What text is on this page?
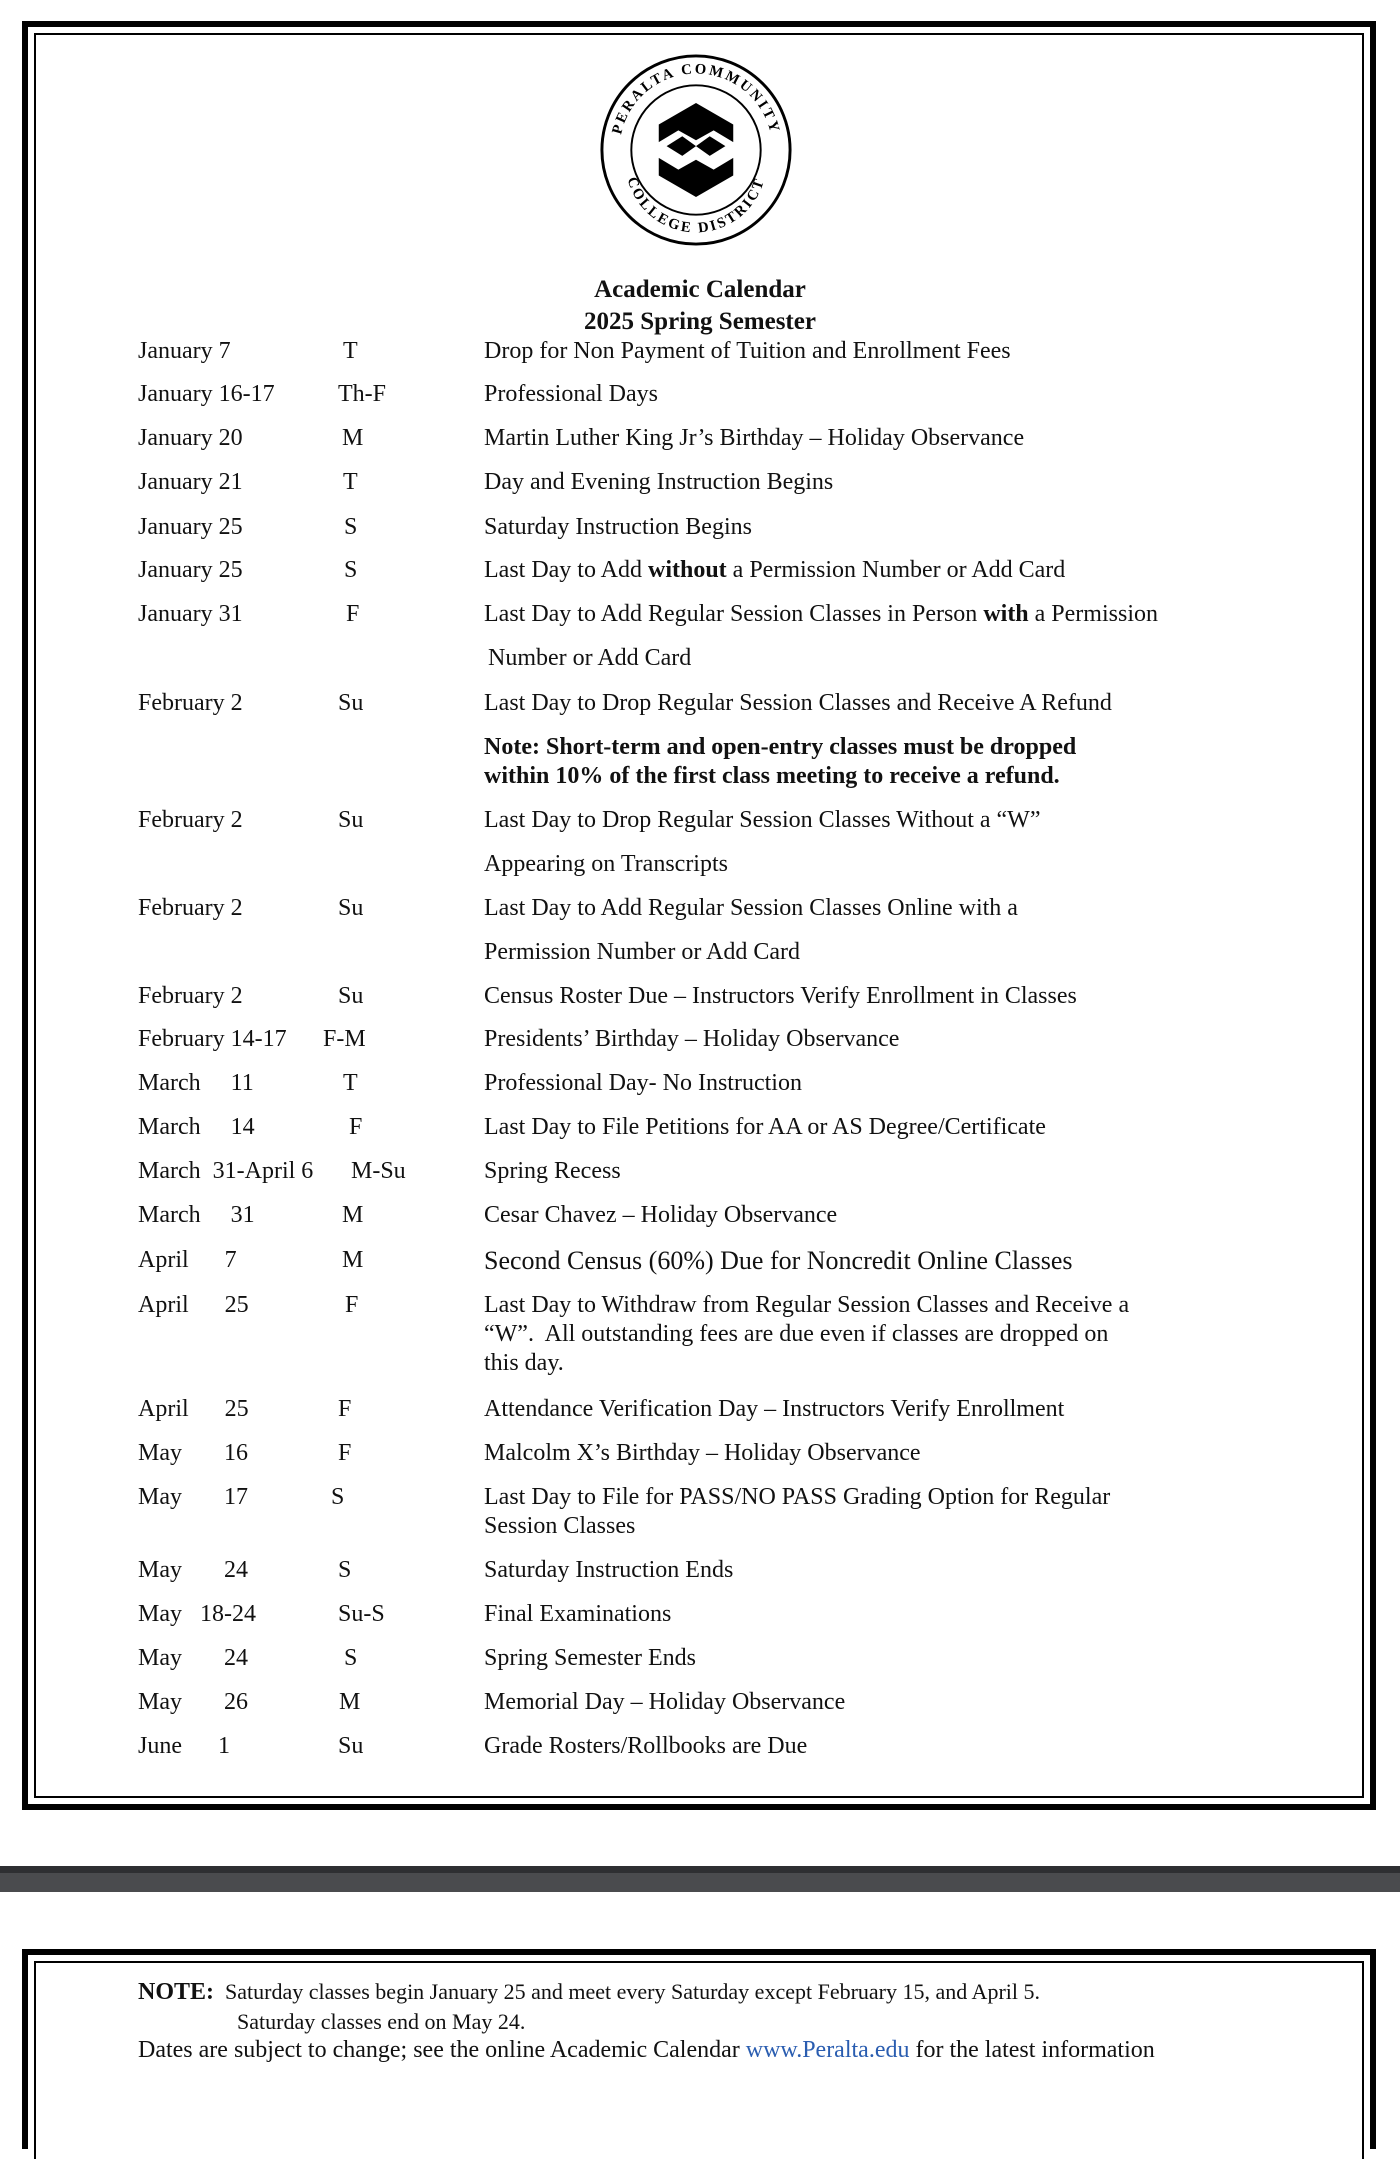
PERALTA COMMUNITY
COLLEGE DISTRICT
Academic Calendar
2025 Spring Semester
January 7	T	Drop for Non Payment of Tuition and Enrollment Fees
January 16-17	Th-F	Professional Days
January 20	M	Martin Luther King Jr’s Birthday – Holiday Observance
January 21	T	Day and Evening Instruction Begins
January 25	S	Saturday Instruction Begins
January 25	S	Last Day to Add without a Permission Number or Add Card
January 31	F	Last Day to Add Regular Session Classes in Person with a Permission
Number or Add Card
February 2	Su	Last Day to Drop Regular Session Classes and Receive A Refund
Note: Short-term and open-entry classes must be dropped
within 10% of the first class meeting to receive a refund.
February 2	Su	Last Day to Drop Regular Session Classes Without a “W”
Appearing on Transcripts
February 2	Su	Last Day to Add Regular Session Classes Online with a
Permission Number or Add Card
February 2	Su	Census Roster Due – Instructors Verify Enrollment in Classes
February 14-17 F-M	Presidents’ Birthday – Holiday Observance
March     11	T	Professional Day- No Instruction
March     14	F	Last Day to File Petitions for AA or AS Degree/Certificate
March  31-April 6 M-Su	Spring Recess
March     31	M	Cesar Chavez – Holiday Observance
April      7	M	Second Census (60%) Due for Noncredit Online Classes
April      25	F	Last Day to Withdraw from Regular Session Classes and Receive a
“W”.  All outstanding fees are due even if classes are dropped on
this day.
April      25	F	Attendance Verification Day – Instructors Verify Enrollment
May       16	F	Malcolm X’s Birthday – Holiday Observance
May       17	S	Last Day to File for PASS/NO PASS Grading Option for Regular
Session Classes
May       24	S	Saturday Instruction Ends
May   18-24	Su-S	Final Examinations
May       24	S	Spring Semester Ends
May       26	M	Memorial Day – Holiday Observance
June      1	Su	Grade Rosters/Rollbooks are Due
NOTE: Saturday classes begin January 25 and meet every Saturday except February 15, and April 5.
Saturday classes end on May 24.
Dates are subject to change; see the online Academic Calendar www.Peralta.edu for the latest information
